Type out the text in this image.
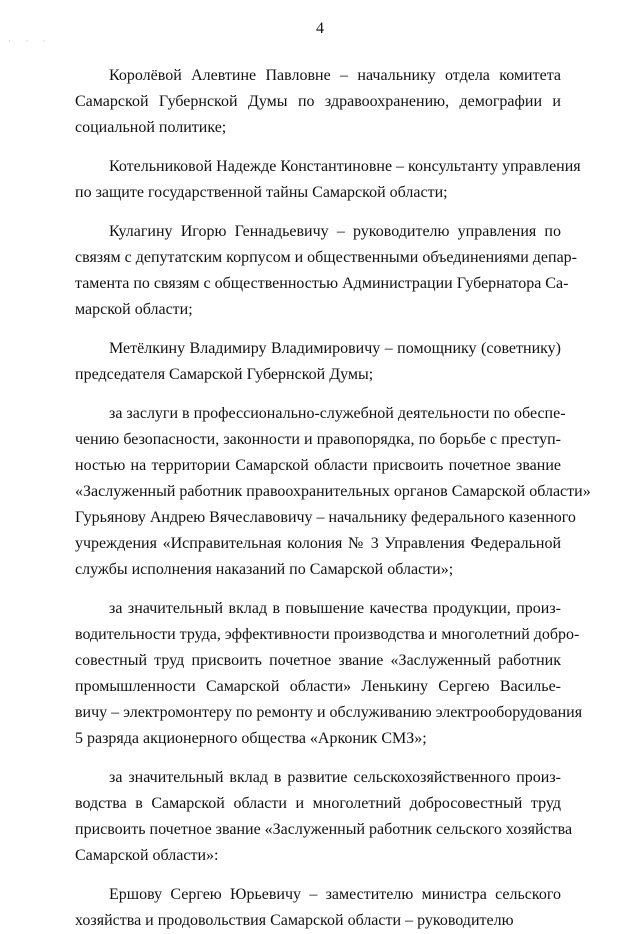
4
⋅ ⋅ ⋅

Королёвой Алевтине Павловне – начальнику отдела комитета
Самарской Губернской Думы по здравоохранению, демографии и
социальной политике;

Котельниковой Надежде Константиновне – консультанту управления
по защите государственной тайны Самарской области;

Кулагину Игорю Геннадьевичу – руководителю управления по
связям с депутатским корпусом и общественными объединениями депар-
тамента по связям с общественностью Администрации Губернатора Са-
марской области;

Метёлкину Владимиру Владимировичу – помощнику (советнику)
председателя Самарской Губернской Думы;

за заслуги в профессионально-служебной деятельности по обеспе-
чению безопасности, законности и правопорядка, по борьбе с преступ-
ностью на территории Самарской области присвоить почетное звание
«Заслуженный работник правоохранительных органов Самарской области»
Гурьянову Андрею Вячеславовичу – начальнику федерального казенного
учреждения «Исправительная колония № 3 Управления Федеральной
службы исполнения наказаний по Самарской области»;

за значительный вклад в повышение качества продукции, произ-
водительности труда, эффективности производства и многолетний добро-
совестный труд присвоить почетное звание «Заслуженный работник
промышленности Самарской области» Ленькину Сергею Василье-
вичу – электромонтеру по ремонту и обслуживанию электрооборудования
5 разряда акционерного общества «Арконик СМЗ»;

за значительный вклад в развитие сельскохозяйственного произ-
водства в Самарской области и многолетний добросовестный труд
присвоить почетное звание «Заслуженный работник сельского хозяйства
Самарской области»:

Ершову Сергею Юрьевичу – заместителю министра сельского
хозяйства и продовольствия Самарской области – руководителю
